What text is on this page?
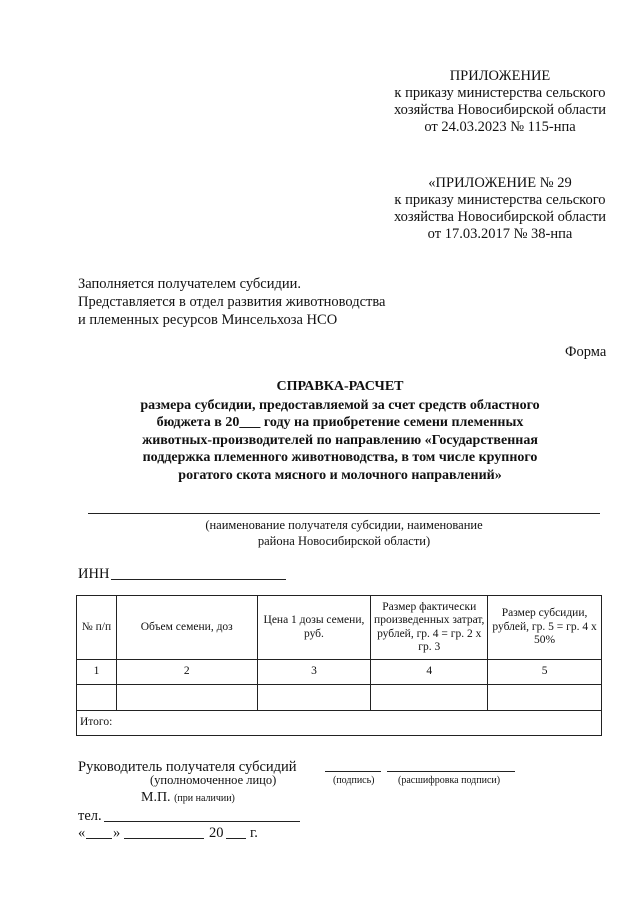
ПРИЛОЖЕНИЕ
к приказу министерства сельского
хозяйства Новосибирской области
от 24.03.2023 № 115-нпа
«ПРИЛОЖЕНИЕ № 29
к приказу министерства сельского
хозяйства Новосибирской области
от 17.03.2017 № 38-нпа
Заполняется получателем субсидии.
Представляется в отдел развития животноводства
и племенных ресурсов Минсельхоза НСО
Форма
СПРАВКА-РАСЧЕТ
размера субсидии, предоставляемой за счет средств областного
бюджета в 20___ году на приобретение семени племенных
животных-производителей по направлению «Государственная
поддержка племенного животноводства, в том числе крупного
рогатого скота мясного и молочного направлений»
(наименование получателя субсидии, наименование
района Новосибирской области)
ИНН
№ п/п	Объем семени, доз	Цена 1 дозы семени, руб.	Размер фактически произведенных затрат, рублей, гр. 4 = гр. 2 x гр. 3	Размер субсидии, рублей, гр. 5 = гр. 4 x 50%
1	2	3	4	5

Итого:				
Руководитель получателя субсидий
(уполномоченное лицо)	(подпись) (расшифровка подписи)
М.П. (при наличии)
тел.
« »	20 г.
